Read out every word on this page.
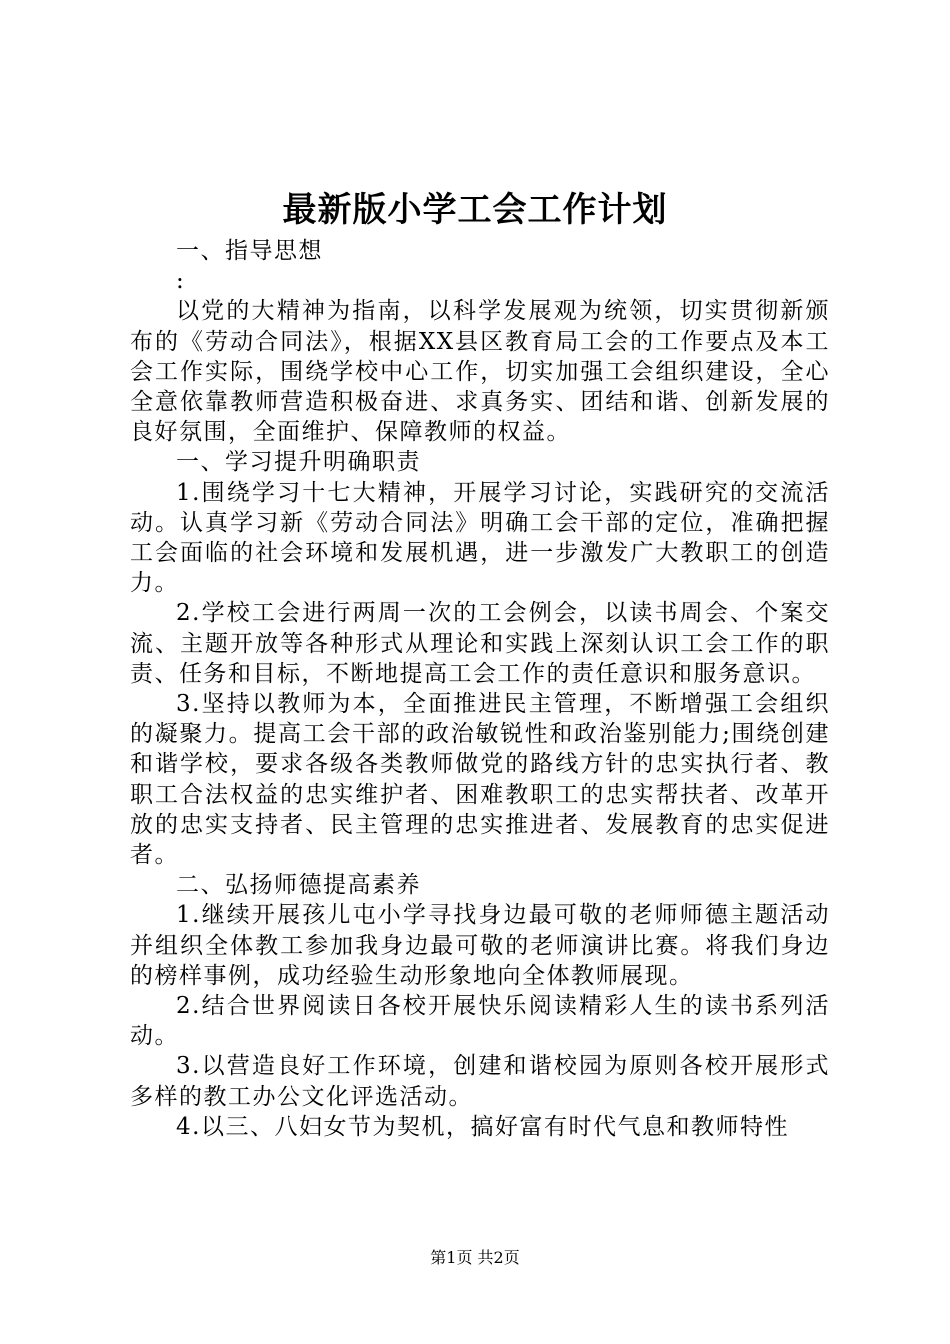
最新版小学工会工作计划

一、指导思想

:

以党的大精神为指南，以科学发展观为统领，切实贯彻新颁布的《劳动合同法》，根据XX县区教育局工会的工作要点及本工会工作实际，围绕学校中心工作，切实加强工会组织建设，全心全意依靠教师营造积极奋进、求真务实、团结和谐、创新发展的良好氛围，全面维护、保障教师的权益。

一、学习提升明确职责

1.围绕学习十七大精神，开展学习讨论，实践研究的交流活动。认真学习新《劳动合同法》明确工会干部的定位，准确把握工会面临的社会环境和发展机遇，进一步激发广大教职工的创造力。

2.学校工会进行两周一次的工会例会，以读书周会、个案交流、主题开放等各种形式从理论和实践上深刻认识工会工作的职责、任务和目标，不断地提高工会工作的责任意识和服务意识。

3.坚持以教师为本，全面推进民主管理，不断增强工会组织的凝聚力。提高工会干部的政治敏锐性和政治鉴别能力;围绕创建和谐学校，要求各级各类教师做党的路线方针的忠实执行者、教职工合法权益的忠实维护者、困难教职工的忠实帮扶者、改革开放的忠实支持者、民主管理的忠实推进者、发展教育的忠实促进者。

二、弘扬师德提高素养

1.继续开展孩儿屯小学寻找身边最可敬的老师师德主题活动并组织全体教工参加我身边最可敬的老师演讲比赛。将我们身边的榜样事例，成功经验生动形象地向全体教师展现。

2.结合世界阅读日各校开展快乐阅读精彩人生的读书系列活动。

3.以营造良好工作环境，创建和谐校园为原则各校开展形式多样的教工办公文化评选活动。

4.以三、八妇女节为契机，搞好富有时代气息和教师特性

第1页 共2页
